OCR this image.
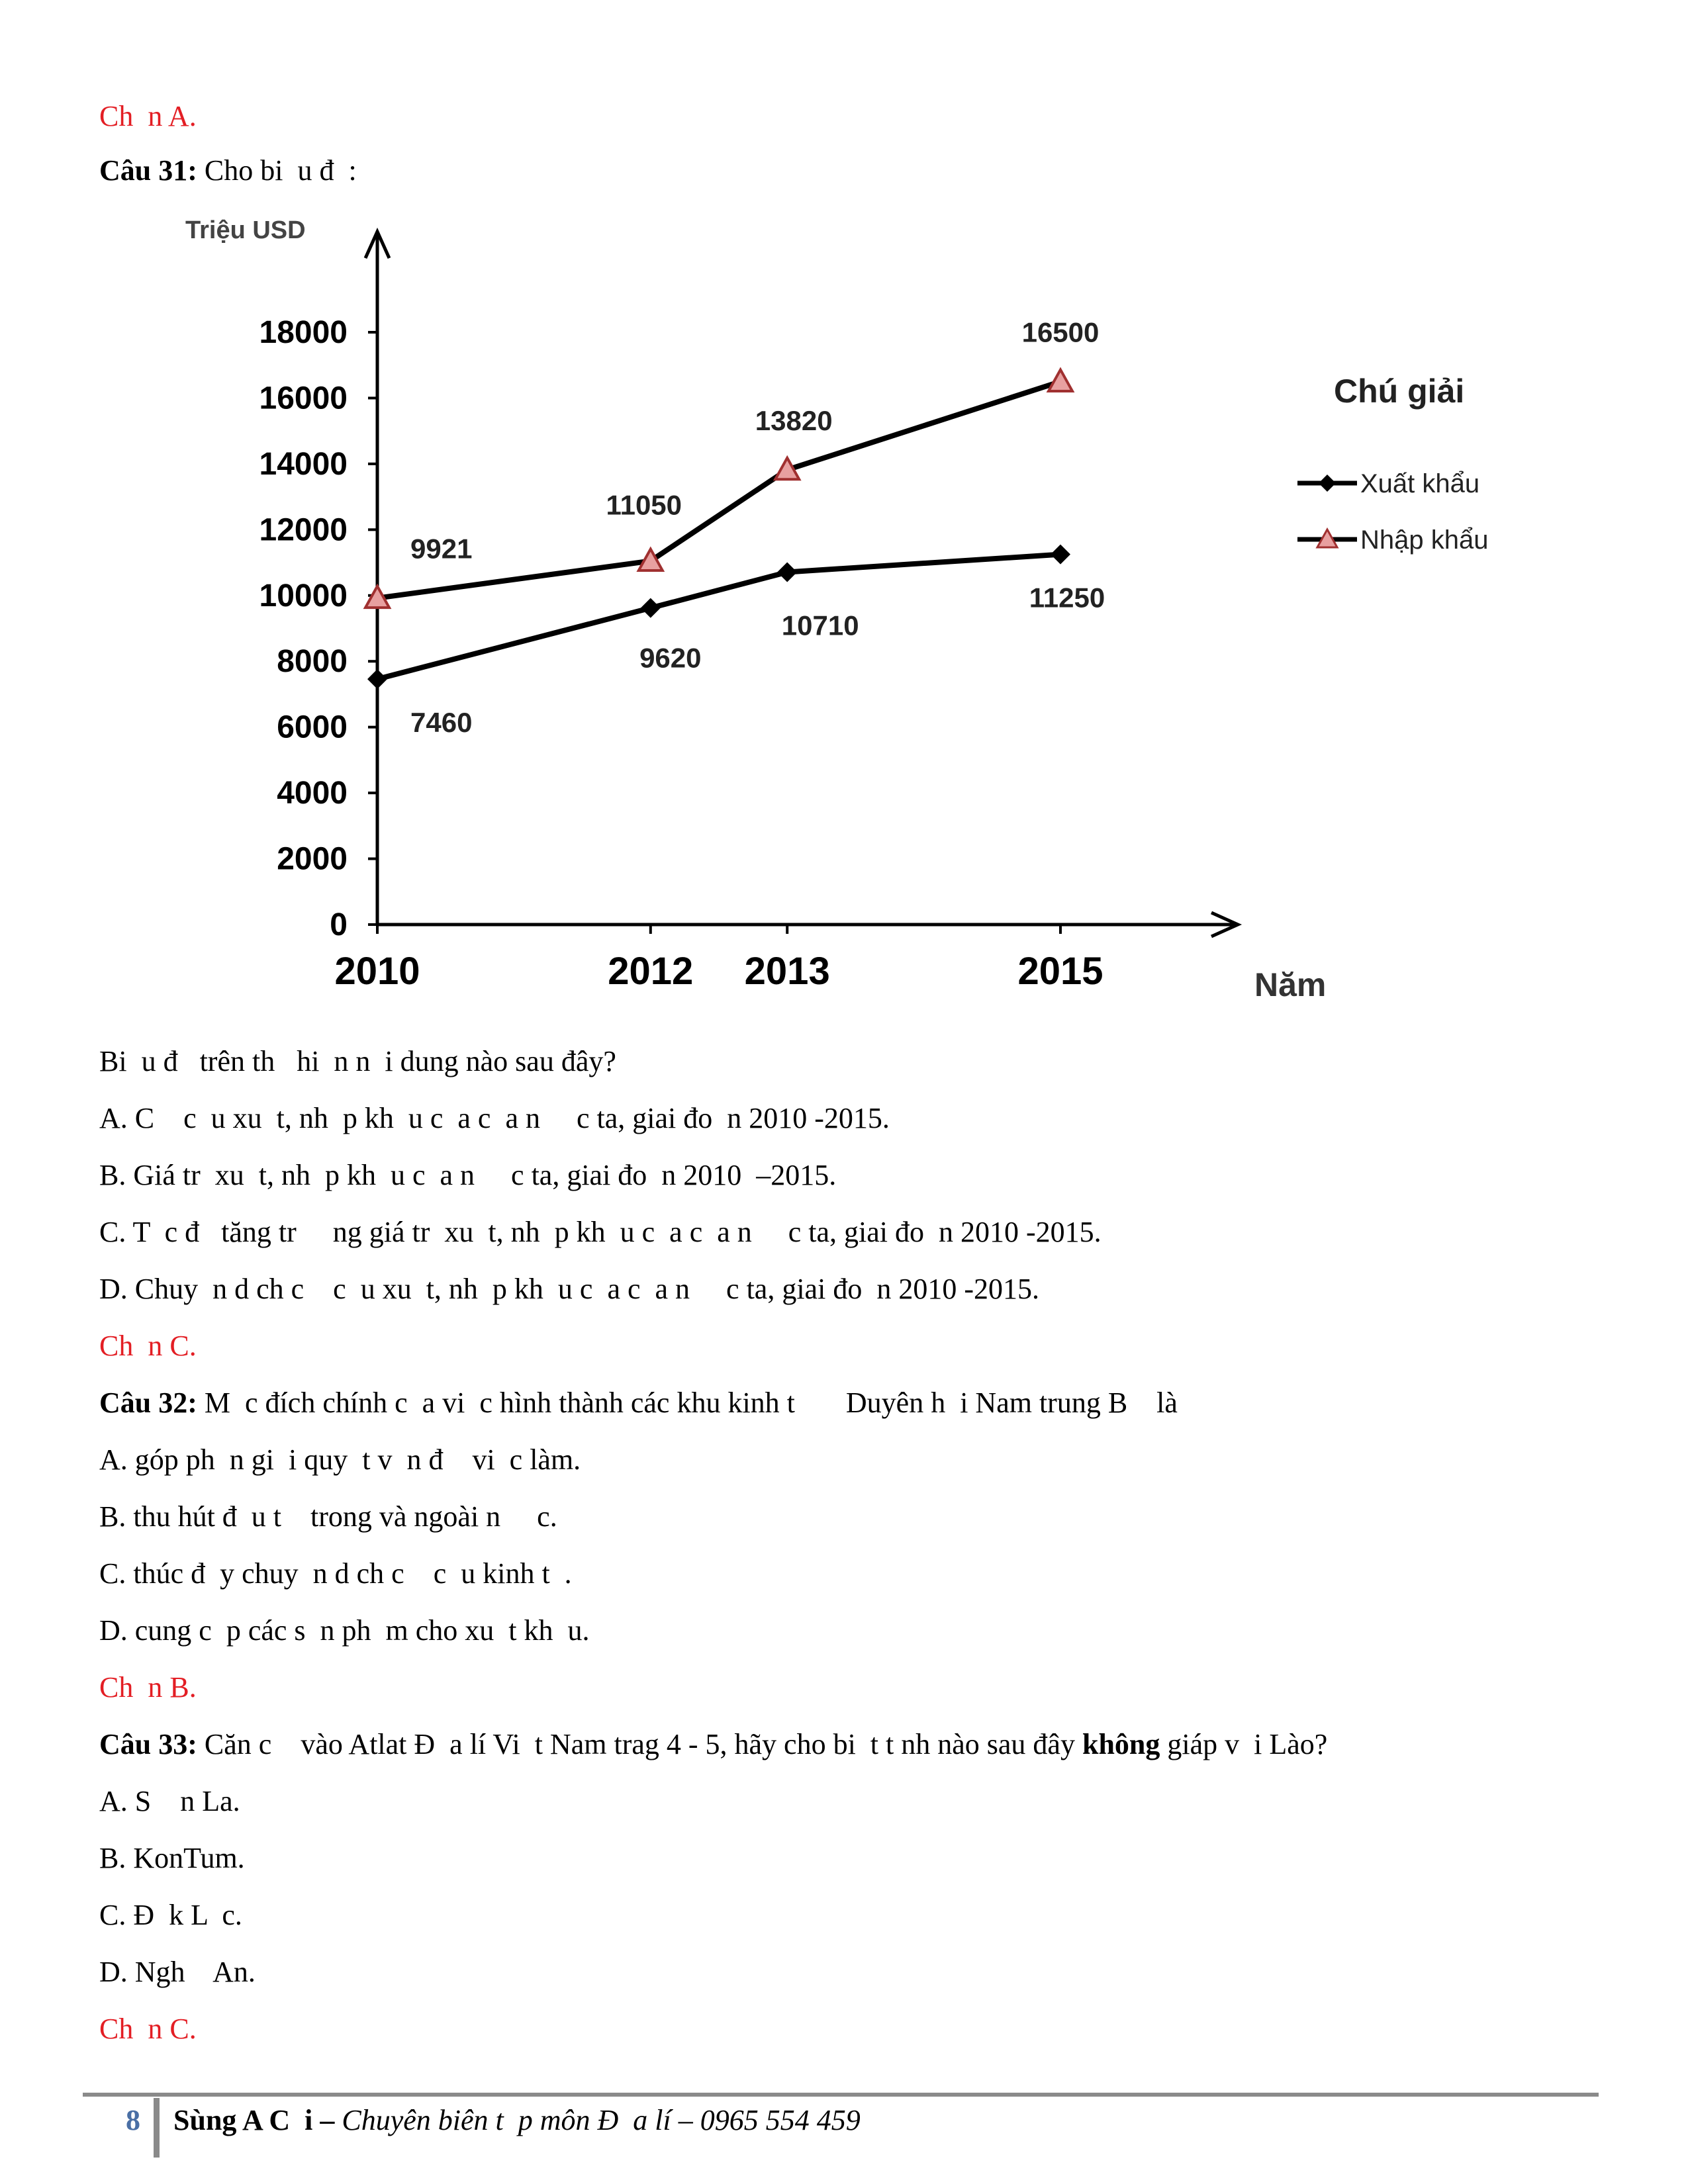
Ch  n A.
Câu 31: Cho bi  u đ  :
0
2000
4000
6000
8000
10000
12000
14000
16000
18000
2010	2012 2013	2015
Triệu USD
Năm
7460
9620
10710
11250
9921
11050
13820
16500
Chú giải
Xuất khẩu
Nhập khẩu
Bi  u đ   trên th   hi  n n  i dung nào sau đây?
A. C    c  u xu  t, nh  p kh  u c  a c  a n     c ta, giai đo  n 2010 -2015.
B. Giá tr  xu  t, nh  p kh  u c  a n     c ta, giai đo  n 2010  –2015.
C. T  c đ   tăng tr     ng giá tr  xu  t, nh  p kh  u c  a c  a n     c ta, giai đo  n 2010 -2015.
D. Chuy  n d ch c    c  u xu  t, nh  p kh  u c  a c  a n     c ta, giai đo  n 2010 -2015.
Ch  n C.
Câu 32: M  c đích chính c  a vi  c hình thành các khu kinh t       Duyên h  i Nam trung B    là
A. góp ph  n gi  i quy  t v  n đ    vi  c làm.
B. thu hút đ  u t    trong và ngoài n     c.
C. thúc đ  y chuy  n d ch c    c  u kinh t  .
D. cung c  p các s  n ph  m cho xu  t kh  u.
Ch  n B.
Câu 33: Căn c    vào Atlat Đ  a lí Vi  t Nam trag 4 - 5, hãy cho bi  t t nh nào sau đây không giáp v  i Lào?
A. S    n La.
B. KonTum.
C. Đ  k L  c.
D. Ngh    An.
Ch  n C.
8 Sùng A C  i – Chuyên biên t  p môn Đ  a lí – 0965 554 459
